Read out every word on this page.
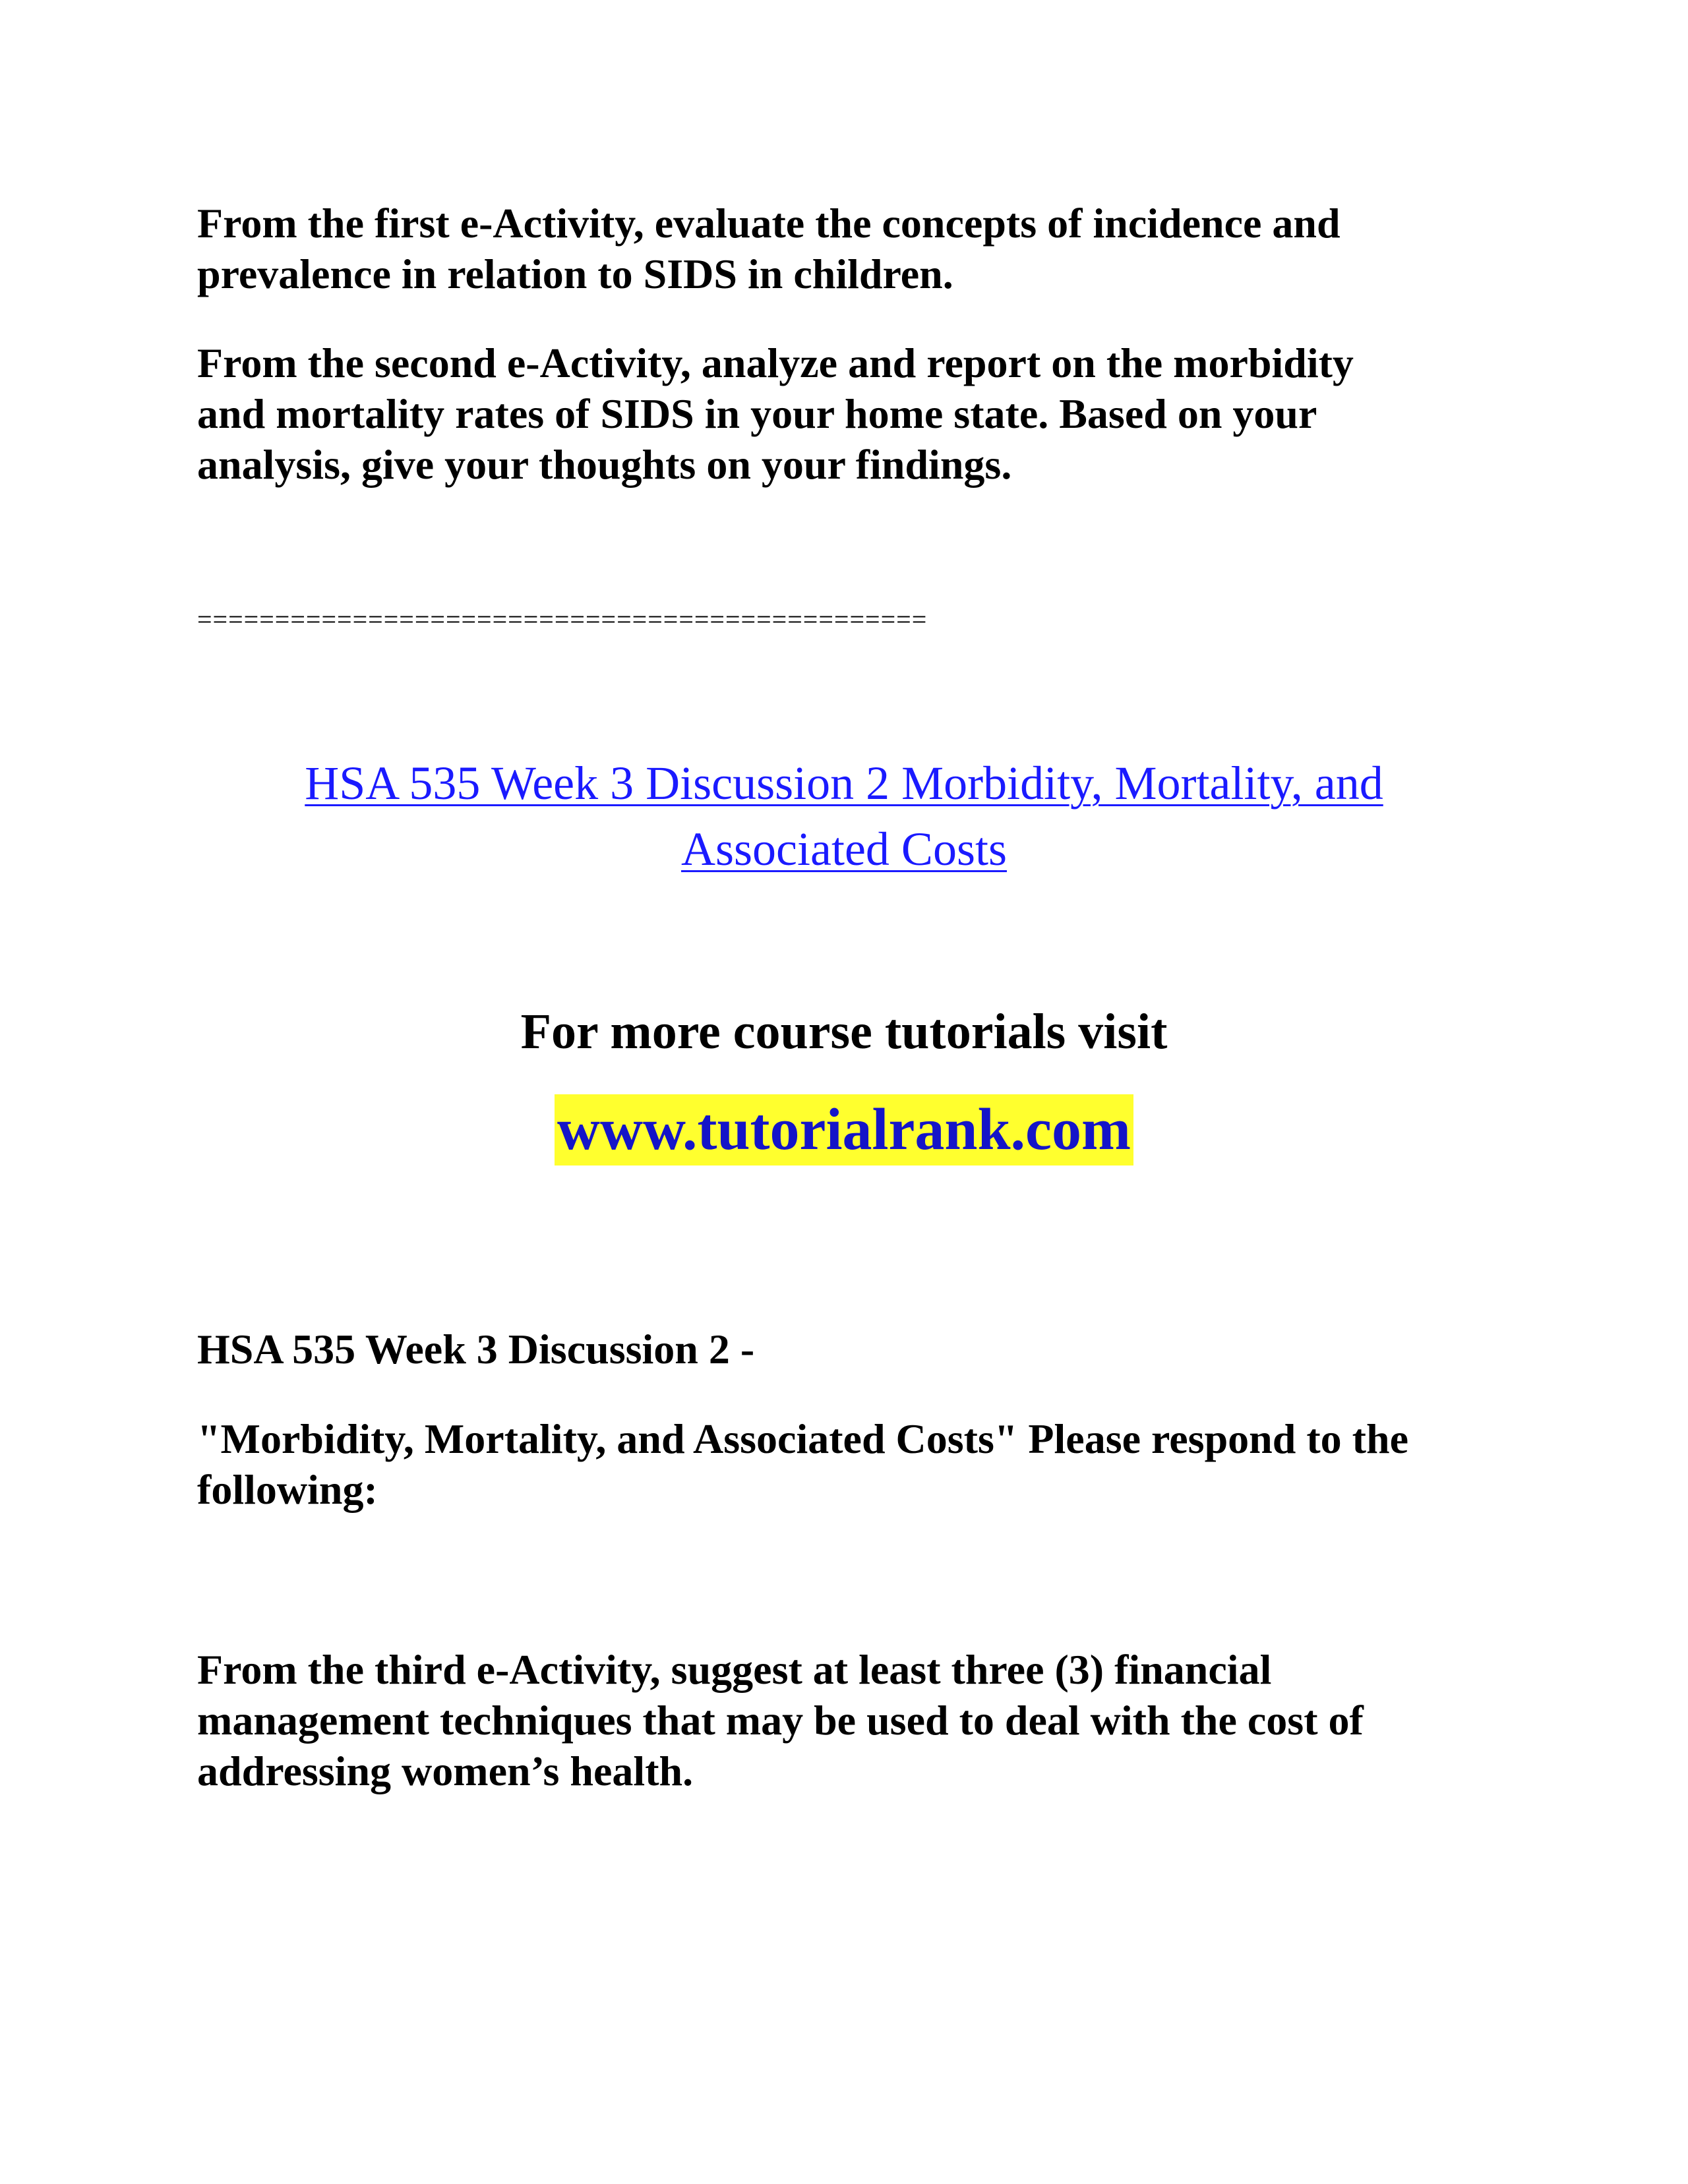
From the first e-Activity, evaluate the concepts of incidence and
prevalence in relation to SIDS in children.

From the second e-Activity, analyze and report on the morbidity
and mortality rates of SIDS in your home state. Based on your
analysis, give your thoughts on your findings.

===============================================

HSA 535 Week 3 Discussion 2 Morbidity, Mortality, and
Associated Costs

For more course tutorials visit

www.tutorialrank.com

HSA 535 Week 3 Discussion 2 -

"Morbidity, Mortality, and Associated Costs" Please respond to the
following:

From the third e-Activity, suggest at least three (3) financial
management techniques that may be used to deal with the cost of
addressing women’s health.
